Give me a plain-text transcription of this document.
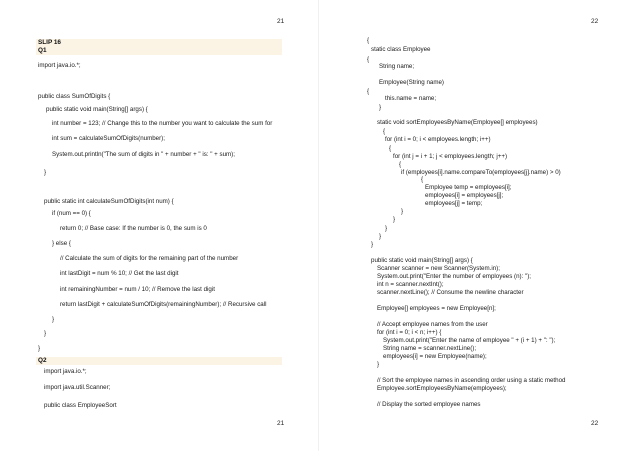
21
SLIP 16
Q1
import java.io.*;
public class SumOfDigits {
public static void main(String[] args) {
int number = 123; // Change this to the number you want to calculate the sum for
int sum = calculateSumOfDigits(number);
System.out.println("The sum of digits in " + number + " is: " + sum);
}
public static int calculateSumOfDigits(int num) {
if (num == 0) {
return 0; // Base case: If the number is 0, the sum is 0
} else {
// Calculate the sum of digits for the remaining part of the number
int lastDigit = num % 10; // Get the last digit
int remainingNumber = num / 10; // Remove the last digit
return lastDigit + calculateSumOfDigits(remainingNumber); // Recursive call
}
}
}
Q2
import java.io.*;
import java.util.Scanner;
public class EmployeeSort
21
22
{
static class Employee
{
String name;
Employee(String name)
{
this.name = name;
}
static void sortEmployeesByName(Employee[] employees)
{
for (int i = 0; i < employees.length; i++)
{
for (int j = i + 1; j < employees.length; j++)
{
if (employees[i].name.compareTo(employees[j].name) > 0)
{
Employee temp = employees[i];
employees[i] = employees[j];
employees[j] = temp;
}
}
}
}
}
public static void main(String[] args) {
Scanner scanner = new Scanner(System.in);
System.out.print("Enter the number of employees (n): ");
int n = scanner.nextInt();
scanner.nextLine(); // Consume the newline character
Employee[] employees = new Employee[n];
// Accept employee names from the user
for (int i = 0; i < n; i++) {
System.out.print("Enter the name of employee " + (i + 1) + ": ");
String name = scanner.nextLine();
employees[i] = new Employee(name);
}
// Sort the employee names in ascending order using a static method
Employee.sortEmployeesByName(employees);
// Display the sorted employee names
22
